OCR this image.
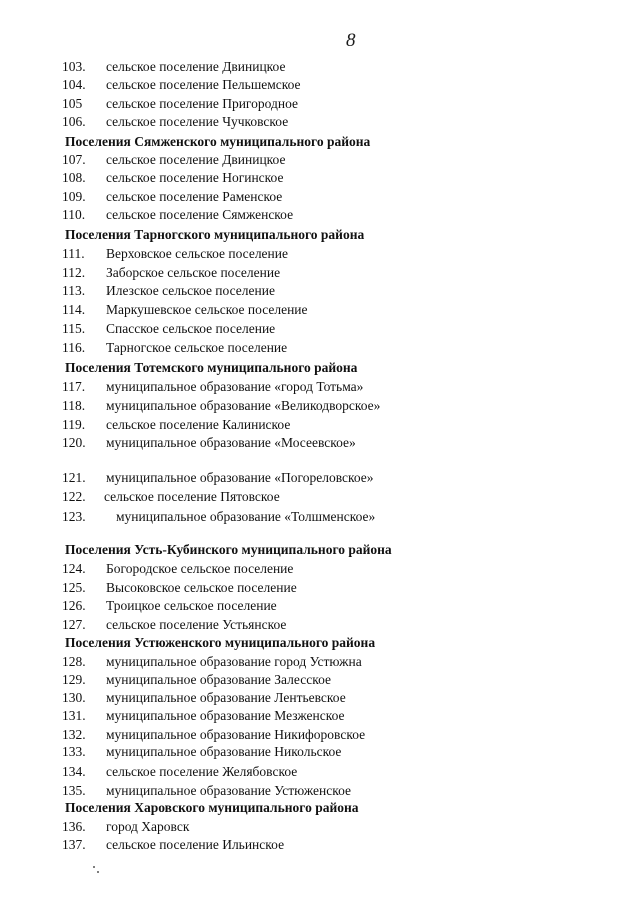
8
103. сельское поселение Двиницкое
104. сельское поселение Пельшемское
105 сельское поселение Пригородное
106. сельское поселение Чучковское
Поселения Сямженского муниципального района
107. сельское поселение Двиницкое
108. сельское поселение Ногинское
109. сельское поселение Раменское
110. сельское поселение Сямженское
Поселения Тарногского муниципального района
111. Верховское сельское поселение
112. Заборское сельское поселение
113. Илезское сельское поселение
114. Маркушевское сельское поселение
115. Спасское сельское поселение
116. Тарногское сельское поселение
Поселения Тотемского муниципального района
117. муниципальное образование «город Тотьма»
118. муниципальное образование «Великодворское»
119. сельское поселение Калиниское
120. муниципальное образование «Мосеевское»
121. муниципальное образование «Погореловское»
122. сельское поселение Пятовское
123. муниципальное образование «Толшменское»
Поселения Усть-Кубинского муниципального района
124. Богородское сельское поселение
125. Высоковское сельское поселение
126. Троицкое сельское поселение
127. сельское поселение Устьянское
Поселения Устюженского муниципального района
128. муниципальное образование город Устюжна
129. муниципальное образование Залесское
130. муниципальное образование Лентьевское
131. муниципальное образование Мезженское
132. муниципальное образование Никифоровское
133. муниципальное образование Никольское
134. сельское поселение Желябовское
135. муниципальное образование Устюженское
Поселения Харовского муниципального района
136. город Харовск
137. сельское поселение Ильинское
